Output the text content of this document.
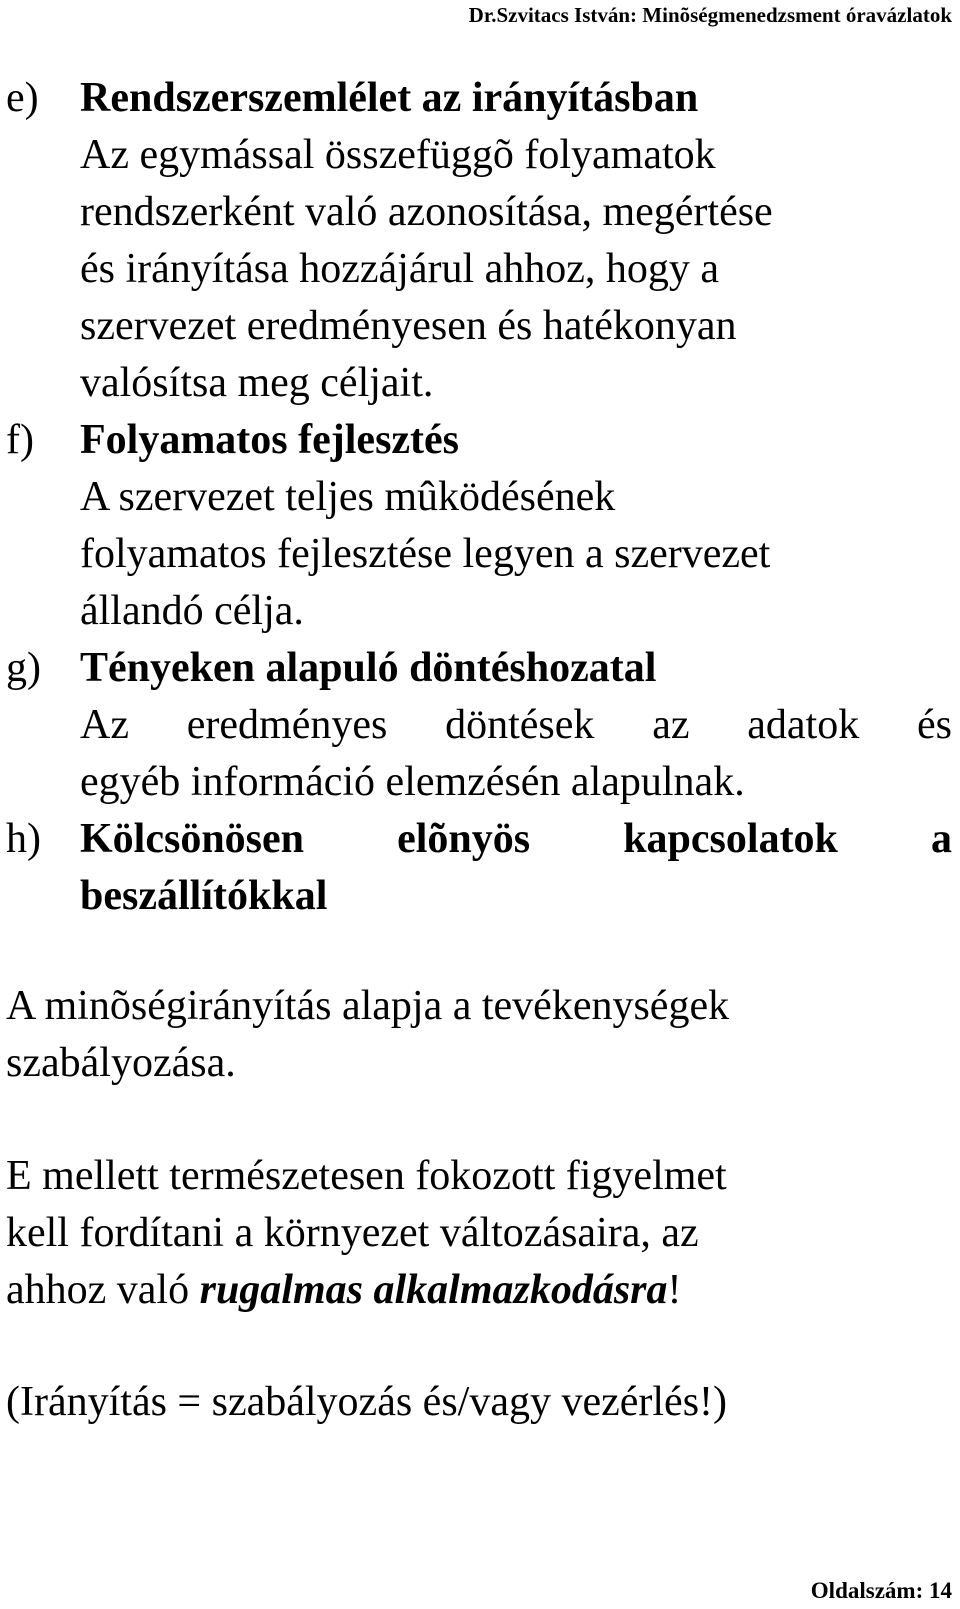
Dr.Szvitacs István: Minõségmenedzsment óravázlatok
e) Rendszerszemlélet az irányításban
Az egymással összefüggõ folyamatok
rendszerként való azonosítása, megértése
és irányítása hozzájárul ahhoz, hogy a
szervezet eredményesen és hatékonyan
valósítsa meg céljait.
f) Folyamatos fejlesztés
A szervezet teljes mûködésének
folyamatos fejlesztése legyen a szervezet
állandó célja.
g) Tényeken alapuló döntéshozatal
Az eredményes döntések az adatok és
egyéb információ elemzésén alapulnak.
h) Kölcsönösen elõnyös kapcsolatok a
beszállítókkal
A minõségirányítás alapja a tevékenységek
szabályozása.
E mellett természetesen fokozott figyelmet
kell fordítani a környezet változásaira, az
ahhoz való rugalmas alkalmazkodásra!
(Irányítás = szabályozás és/vagy vezérlés!)
Oldalszám: 14
